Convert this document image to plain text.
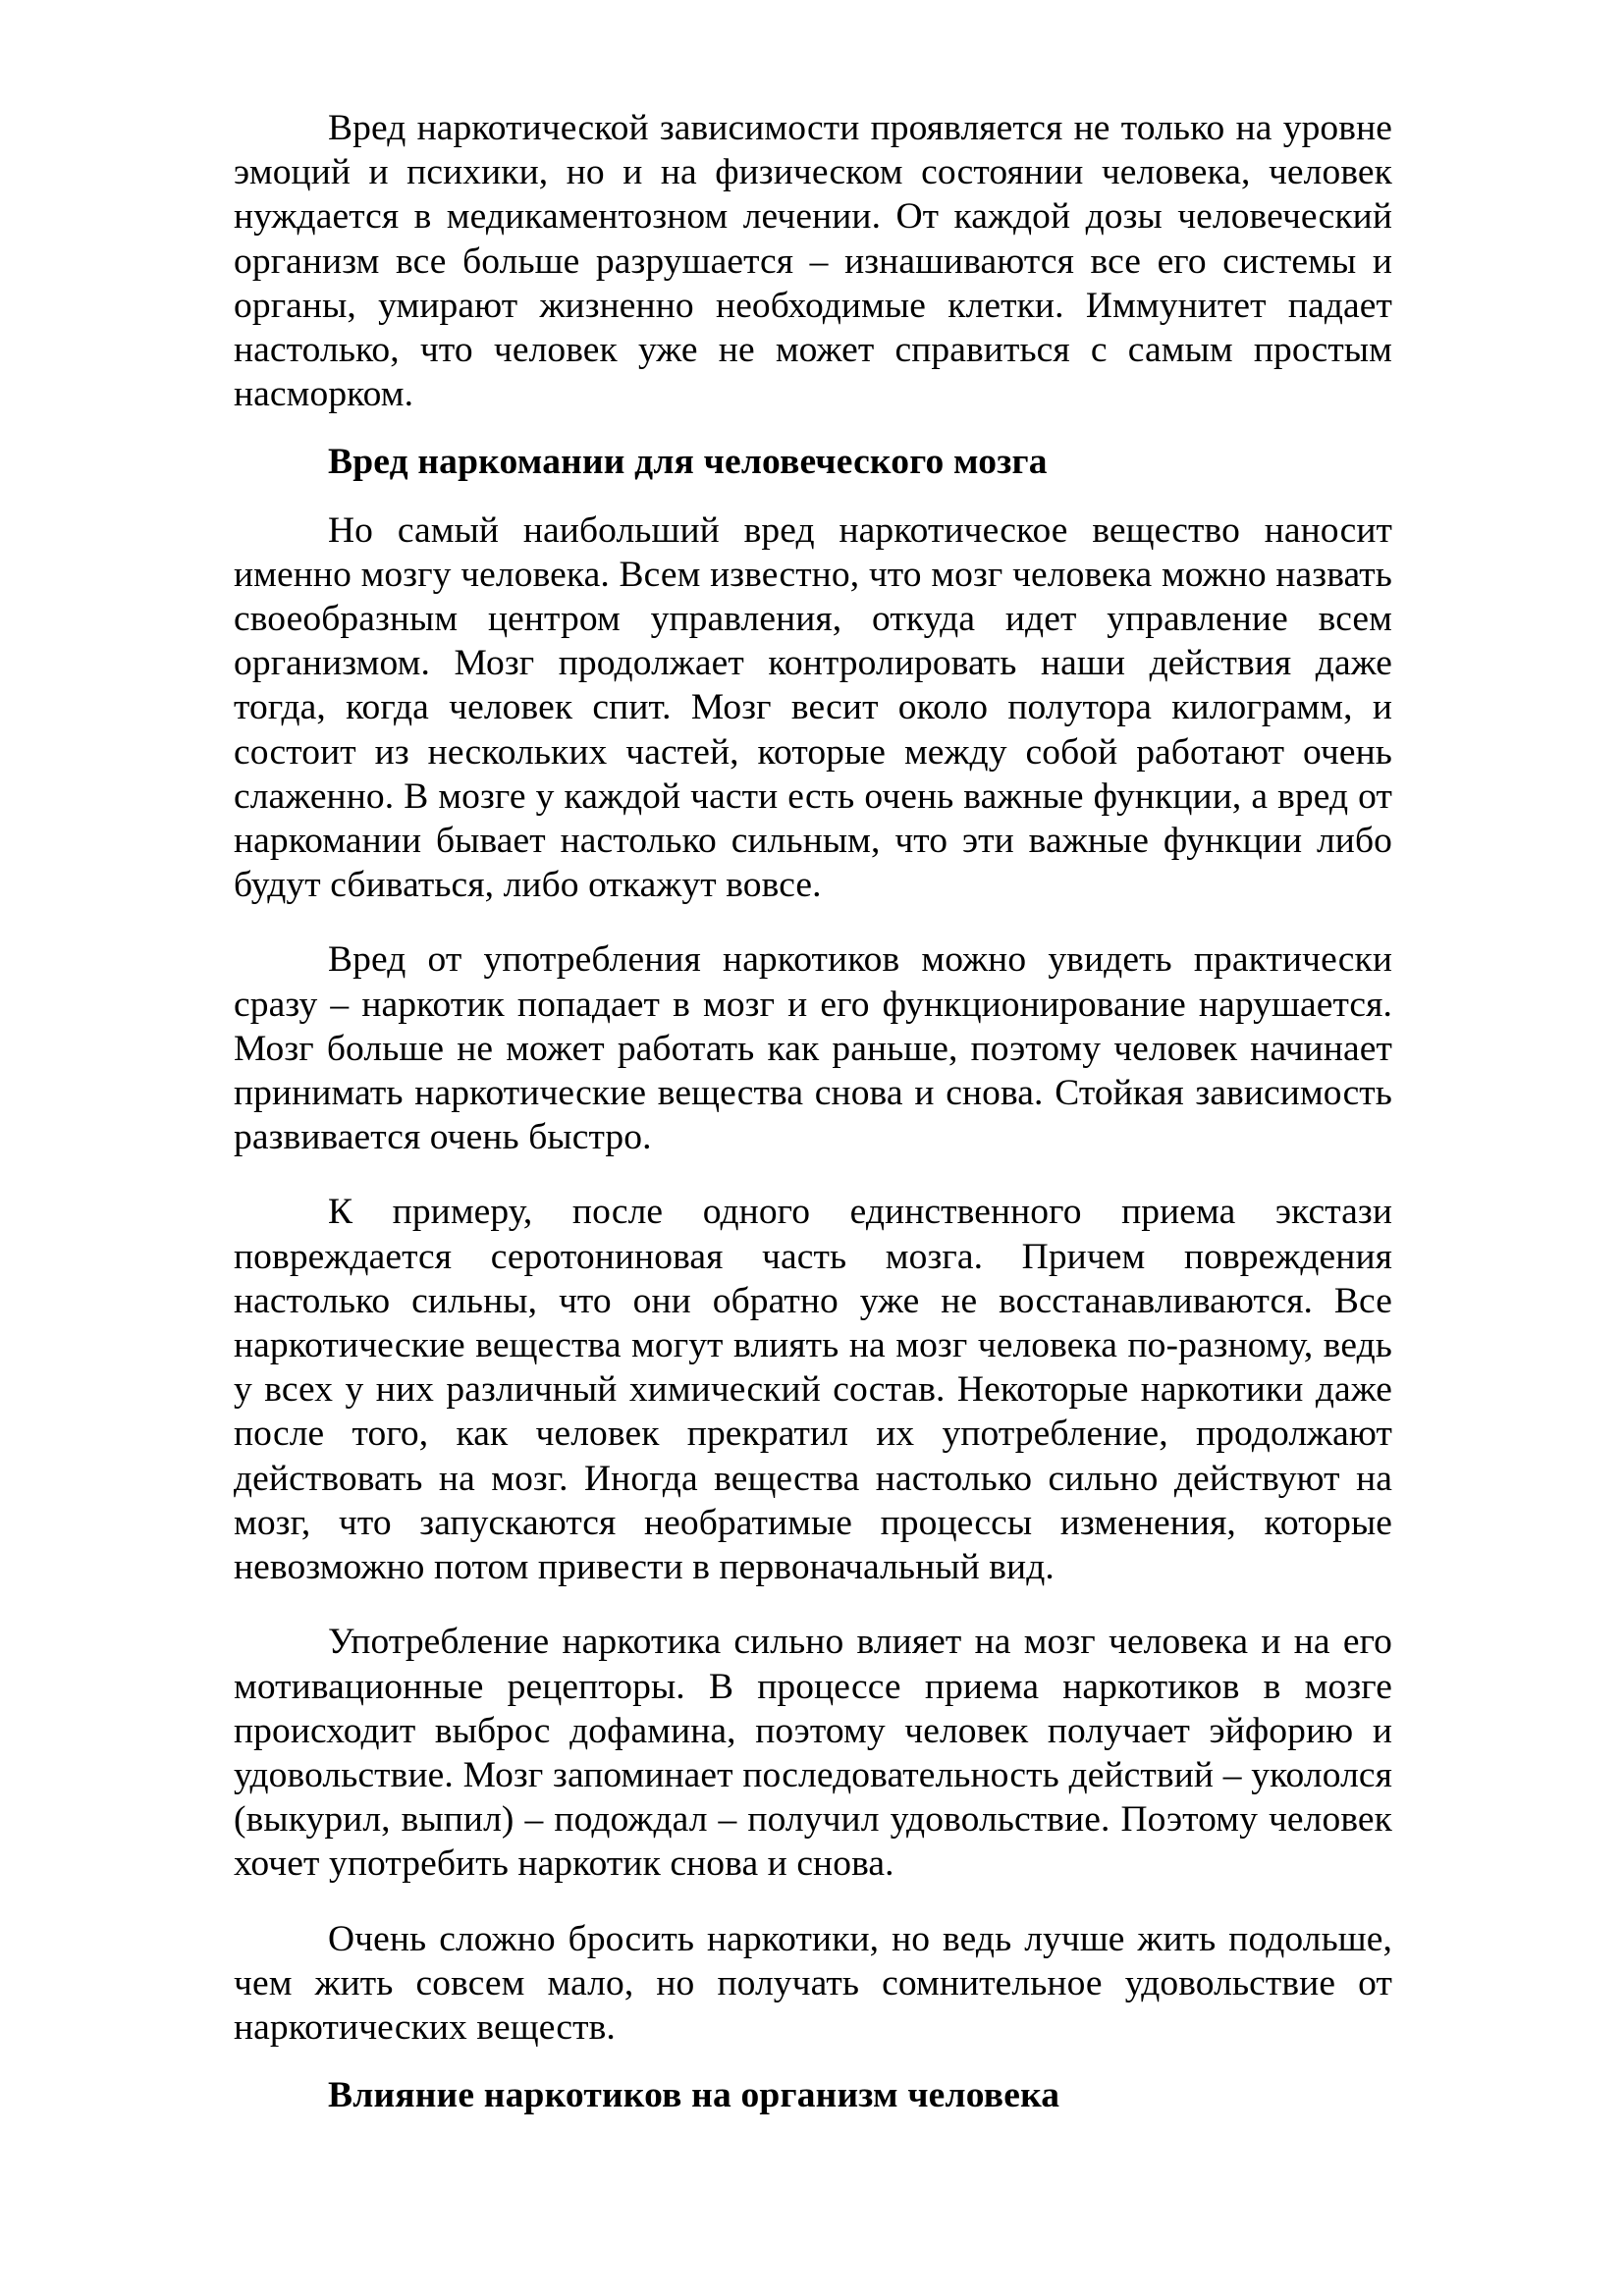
Вред наркотической зависимости проявляется не только на уровне эмоций и психики, но и на физическом состоянии человека, человек нуждается в медикаментозном лечении. От каждой дозы человеческий организм все больше разрушается – изнашиваются все его системы и органы, умирают жизненно необходимые клетки. Иммунитет падает настолько, что человек уже не может справиться с самым простым насморком.

Вред наркомании для человеческого мозга

Но самый наибольший вред наркотическое вещество наносит именно мозгу человека. Всем известно, что мозг человека можно назвать своеобразным центром управления, откуда идет управление всем организмом. Мозг продолжает контролировать наши действия даже тогда, когда человек спит. Мозг весит около полутора килограмм, и состоит из нескольких частей, которые между собой работают очень слаженно. В мозге у каждой части есть очень важные функции, а вред от наркомании бывает настолько сильным, что эти важные функции либо будут сбиваться, либо откажут вовсе.

Вред от употребления наркотиков можно увидеть практически сразу – наркотик попадает в мозг и его функционирование нарушается. Мозг больше не может работать как раньше, поэтому человек начинает принимать наркотические вещества снова и снова. Стойкая зависимость развивается очень быстро.

К примеру, после одного единственного приема экстази повреждается серотониновая часть мозга. Причем повреждения настолько сильны, что они обратно уже не восстанавливаются. Все наркотические вещества могут влиять на мозг человека по-разному, ведь у всех у них различный химический состав. Некоторые наркотики даже после того, как человек прекратил их употребление, продолжают действовать на мозг. Иногда вещества настолько сильно действуют на мозг, что запускаются необратимые процессы изменения, которые невозможно потом привести в первоначальный вид.

Употребление наркотика сильно влияет на мозг человека и на его мотивационные рецепторы. В процессе приема наркотиков в мозге происходит выброс дофамина, поэтому человек получает эйфорию и удовольствие. Мозг запоминает последовательность действий – укололся (выкурил, выпил) – подождал – получил удовольствие. Поэтому человек хочет употребить наркотик снова и снова.

Очень сложно бросить наркотики, но ведь лучше жить подольше, чем жить совсем мало, но получать сомнительное удовольствие от наркотических веществ.

Влияние наркотиков на организм человека
